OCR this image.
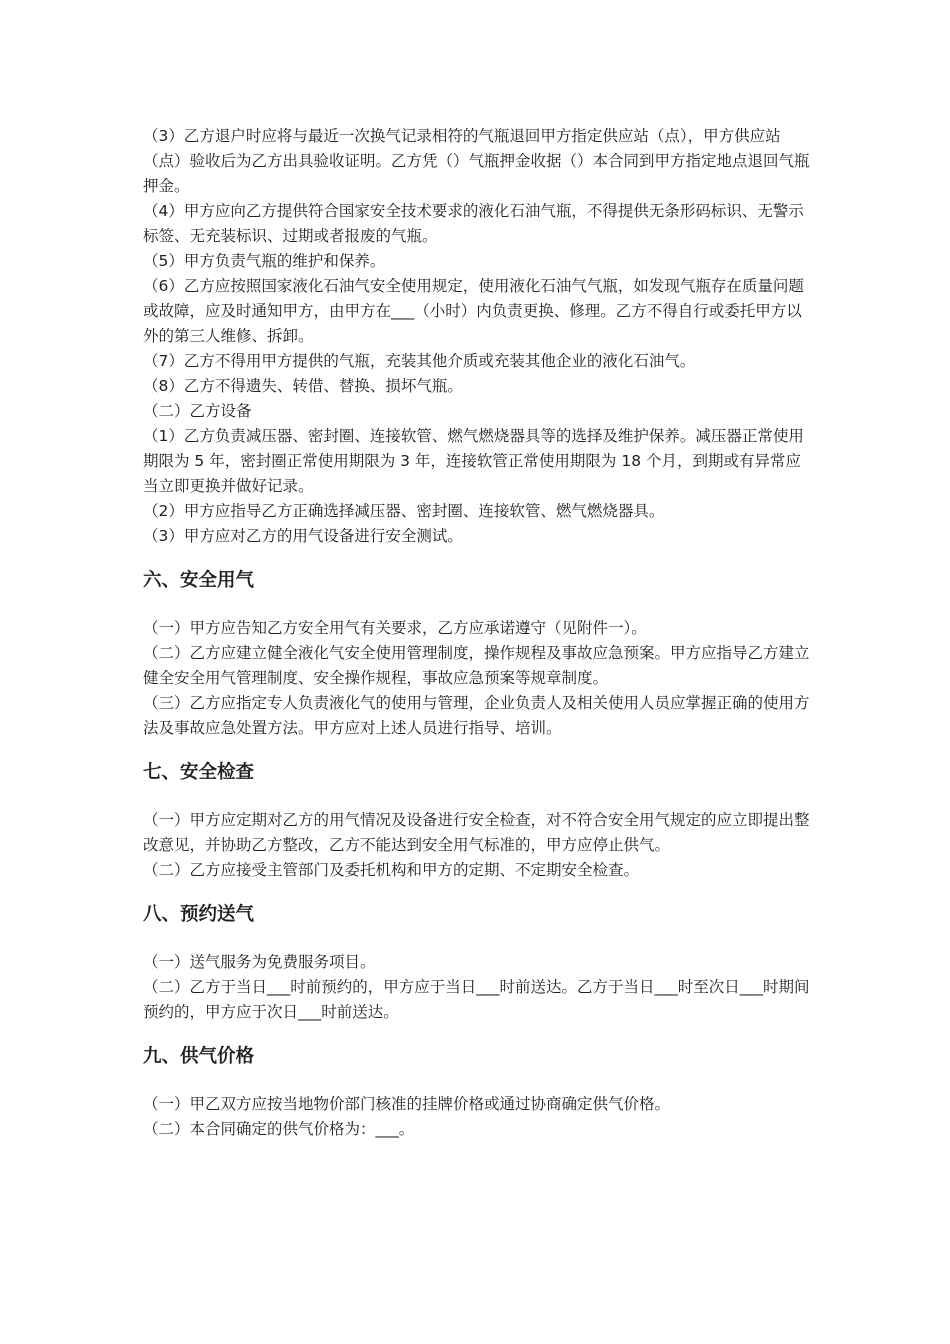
（3）乙方退户时应将与最近一次换气记录相符的气瓶退回甲方指定供应站（点），甲方供应站（点）验收后为乙方出具验收证明。乙方凭（）气瓶押金收据（）本合同到甲方指定地点退回气瓶押金。

（4）甲方应向乙方提供符合国家安全技术要求的液化石油气瓶，不得提供无条形码标识、无警示标签、无充装标识、过期或者报废的气瓶。

（5）甲方负责气瓶的维护和保养。

（6）乙方应按照国家液化石油气安全使用规定，使用液化石油气气瓶，如发现气瓶存在质量问题或故障，应及时通知甲方，由甲方在___（小时）内负责更换、修理。乙方不得自行或委托甲方以外的第三人维修、拆卸。

（7）乙方不得用甲方提供的气瓶，充装其他介质或充装其他企业的液化石油气。

（8）乙方不得遗失、转借、替换、损坏气瓶。

（二）乙方设备

（1）乙方负责减压器、密封圈、连接软管、燃气燃烧器具等的选择及维护保养。减压器正常使用期限为 5 年，密封圈正常使用期限为 3 年，连接软管正常使用期限为 18 个月，到期或有异常应当立即更换并做好记录。

（2）甲方应指导乙方正确选择减压器、密封圈、连接软管、燃气燃烧器具。

（3）甲方应对乙方的用气设备进行安全测试。

六、安全用气

（一）甲方应告知乙方安全用气有关要求，乙方应承诺遵守（见附件一）。

（二）乙方应建立健全液化气安全使用管理制度，操作规程及事故应急预案。甲方应指导乙方建立健全安全用气管理制度、安全操作规程，事故应急预案等规章制度。

（三）乙方应指定专人负责液化气的使用与管理，企业负责人及相关使用人员应掌握正确的使用方法及事故应急处置方法。甲方应对上述人员进行指导、培训。

七、安全检查

（一）甲方应定期对乙方的用气情况及设备进行安全检查，对不符合安全用气规定的应立即提出整改意见，并协助乙方整改，乙方不能达到安全用气标准的，甲方应停止供气。

（二）乙方应接受主管部门及委托机构和甲方的定期、不定期安全检查。

八、预约送气

（一）送气服务为免费服务项目。

（二）乙方于当日___时前预约的，甲方应于当日___时前送达。乙方于当日___时至次日___时期间预约的，甲方应于次日___时前送达。

九、供气价格

（一）甲乙双方应按当地物价部门核准的挂牌价格或通过协商确定供气价格。

（二）本合同确定的供气价格为：___。
